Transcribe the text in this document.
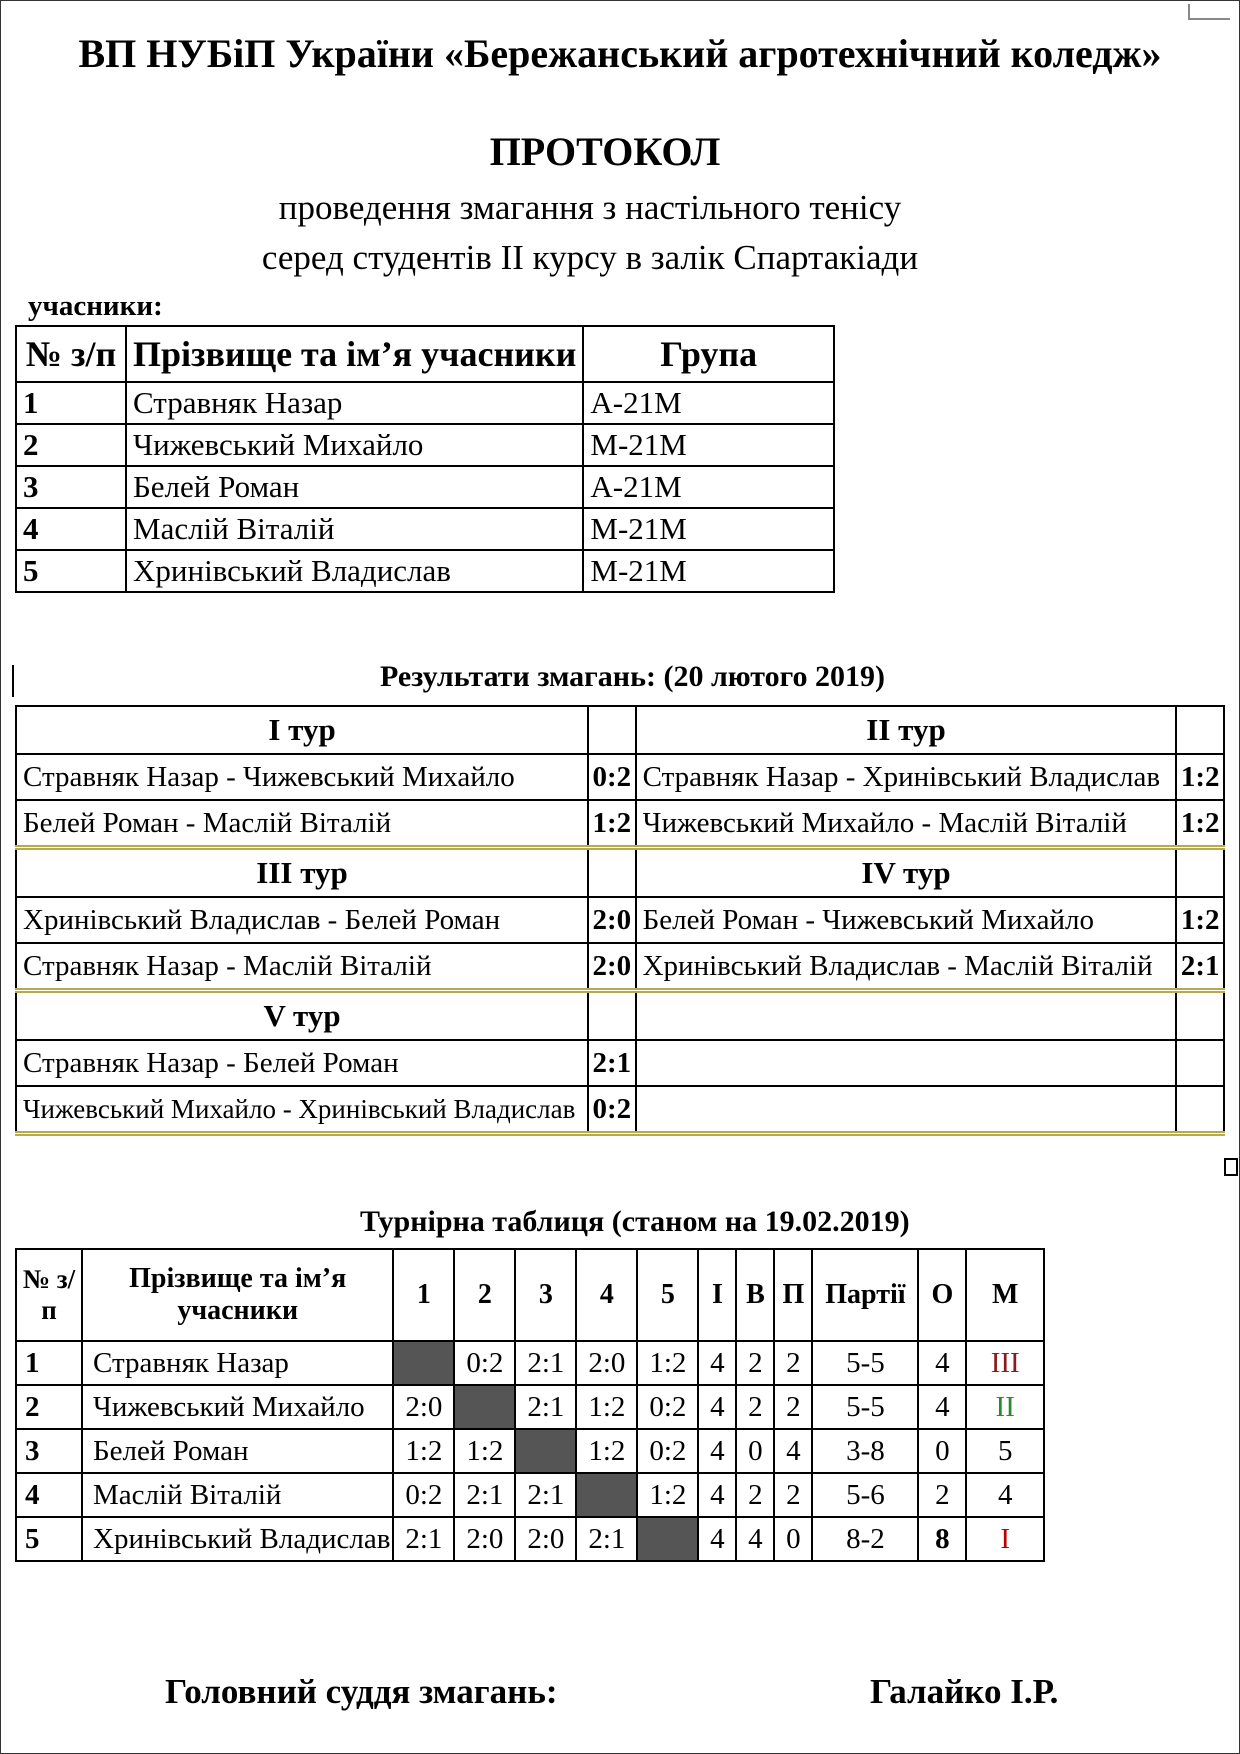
ВП НУБіП України «Бережанський агротехнічний коледж»
ПРОТОКОЛ
проведення змагання з настільного тенісу
серед студентів ІІ курсу в залік Спартакіади
учасники:
№ з/п	Прізвище та ім’я учасники	Група
1	Стравняк Назар	А-21М
2	Чижевський Михайло	М-21М
3	Белей Роман	А-21М
4	Маслій Віталій	М-21М
5	Хринівський Владислав	М-21М
Результати змагань: (20 лютого 2019)
І тур		ІІ тур	
Стравняк Назар - Чижевський Михайло	0:2	Стравняк Назар - Хринівський Владислав	1:2
Белей Роман - Маслій Віталій	1:2	Чижевський Михайло - Маслій Віталій	1:2
ІІІ тур		IV тур	
Хринівський Владислав - Белей Роман	2:0	Белей Роман - Чижевський Михайло	1:2
Стравняк Назар - Маслій Віталій	2:0	Хринівський Владислав - Маслій Віталій	2:1
V тур			
Стравняк Назар - Белей Роман	2:1		
Чижевський Михайло - Хринівський Владислав	0:2		
Турнірна таблиця (станом на 19.02.2019)
№ з/п	Прізвище та ім’я учасники	1	2	3	4	5	І	В	П	Партії	О	М
1	Стравняк Назар		0:2	2:1	2:0	1:2	4	2	2	5-5	4	III
2	Чижевський Михайло	2:0		2:1	1:2	0:2	4	2	2	5-5	4	II
3	Белей Роман	1:2	1:2		1:2	0:2	4	0	4	3-8	0	5
4	Маслій Віталій	0:2	2:1	2:1		1:2	4	2	2	5-6	2	4
5	Хринівський Владислав	2:1	2:0	2:0	2:1		4	4	0	8-2	8	I
Головний суддя змагань:	Галайко І.Р.
